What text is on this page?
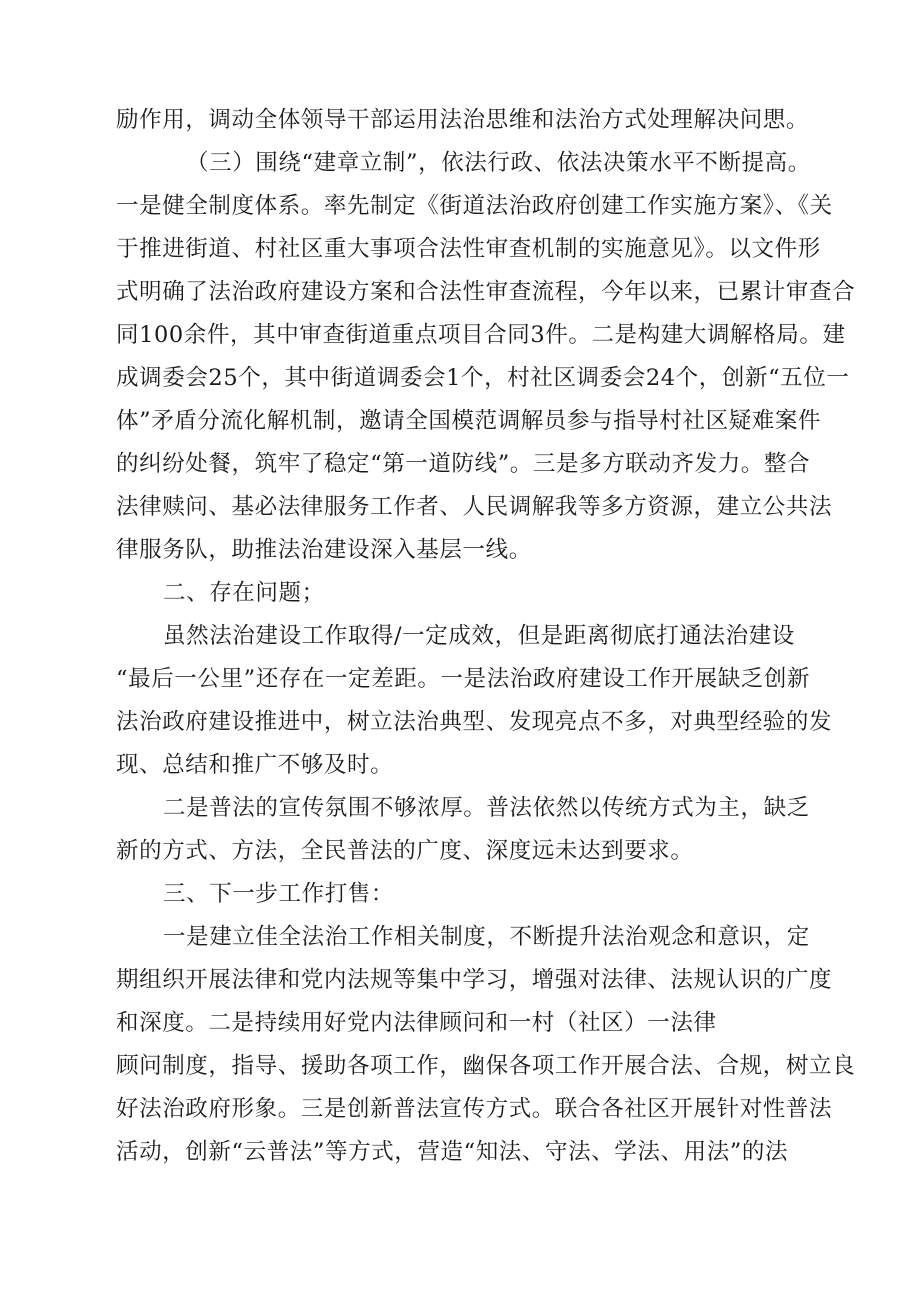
励作用，调动全体领导干部运用法治思维和法治方式处理解决问愳。
（三）围绕“建章立制”，依法行政、依法决策水平不断提高。
一是健全制度体系。率先制定《街道法治政府创建工作实施方案》、《关
于推进街道、村社区重大事项合法性审查机制的实施意见》。以文件形
式明确了法治政府建设方案和合法性审查流程，今年以来，已累计审查合
同100余件，其中审查街道重点项目合同3件。二是构建大调解格局。建
成调委会25个，其中街道调委会1个，村社区调委会24个，创新“五位一
体”矛盾分流化解机制，邀请全国模范调解员参与指导村社区疑难案件
的纠纷处餐，筑牢了稳定“第一道防线”。三是多方联动齐发力。整合
法律赎问、基必法律服务工作者、人民调解我等多方资源，建立公共法
律服务队，助推法治建设深入基层一线。
二、存在问题；
虽然法治建设工作取得/一定成效，但是距离彻底打通法治建设
“最后一公里”还存在一定差距。一是法治政府建设工作开展缺乏创新
法治政府建设推进中，树立法治典型、发现亮点不多，对典型经验的发
现、总结和推广不够及时。
二是普法的宣传氛围不够浓厚。普法依然以传统方式为主，缺乏
新的方式、方法，全民普法的广度、深度远未达到要求。
三、下一步工作打售：
一是建立佳全法治工作相关制度，不断提升法治观念和意识，定
期组织开展法律和党内法规等集中学习，增强对法律、法规认识的广度
和深度。二是持续用好党内法律顾问和一村（社区）一法律
顾问制度，指导、援助各项工作，幽保各项工作开展合法、合规，树立良
好法治政府形象。三是创新普法宣传方式。联合各社区开展针对性普法
活动，创新“云普法”等方式，营造“知法、守法、学法、用法”的法
